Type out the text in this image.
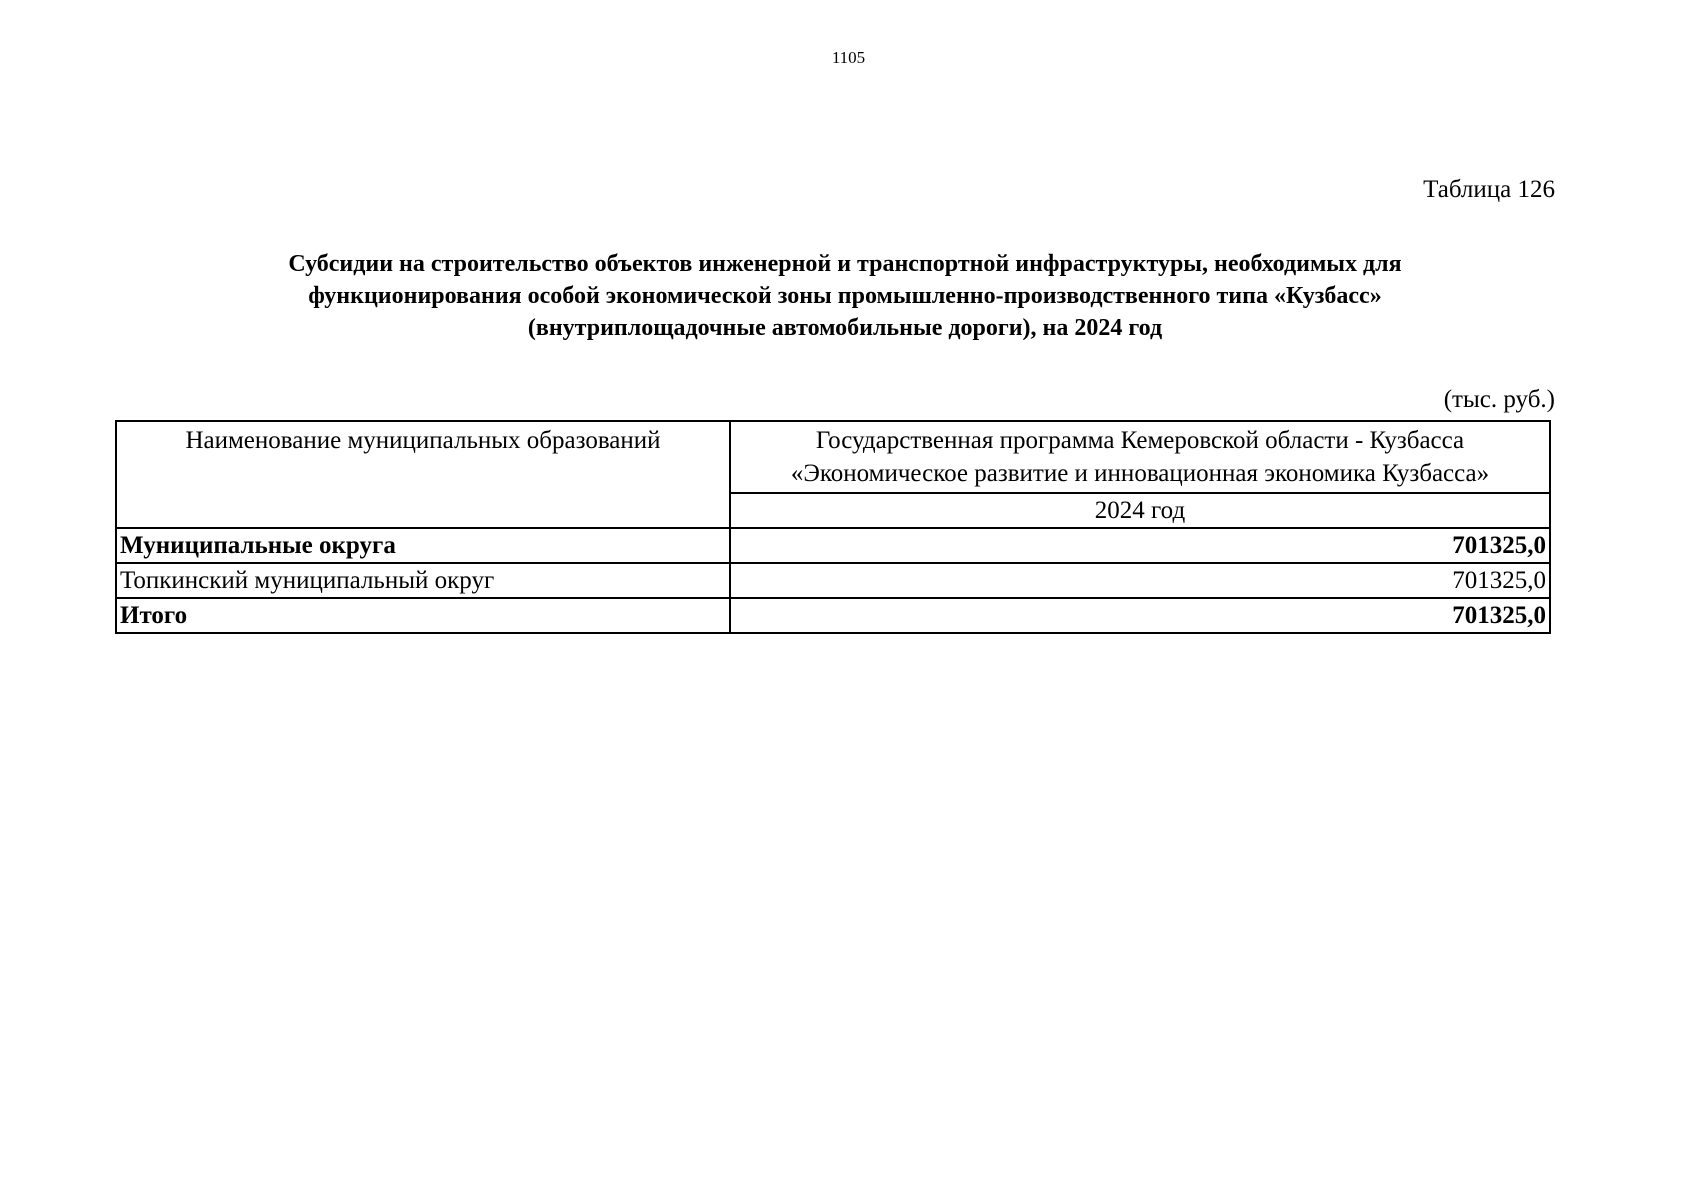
1105
Таблица 126
Субсидии на строительство объектов инженерной и транспортной инфраструктуры, необходимых для
функционирования особой экономической зоны промышленно-производственного типа «Кузбасс»
(внутриплощадочные автомобильные дороги), на 2024 год
(тыс. руб.)
Наименование муниципальных образований	Государственная программа Кемеровской области - Кузбасса
«Экономическое развитие и инновационная экономика Кузбасса»

	2024 год
Муниципальные округа	701325,0
Топкинский муниципальный округ	701325,0
Итого	701325,0
